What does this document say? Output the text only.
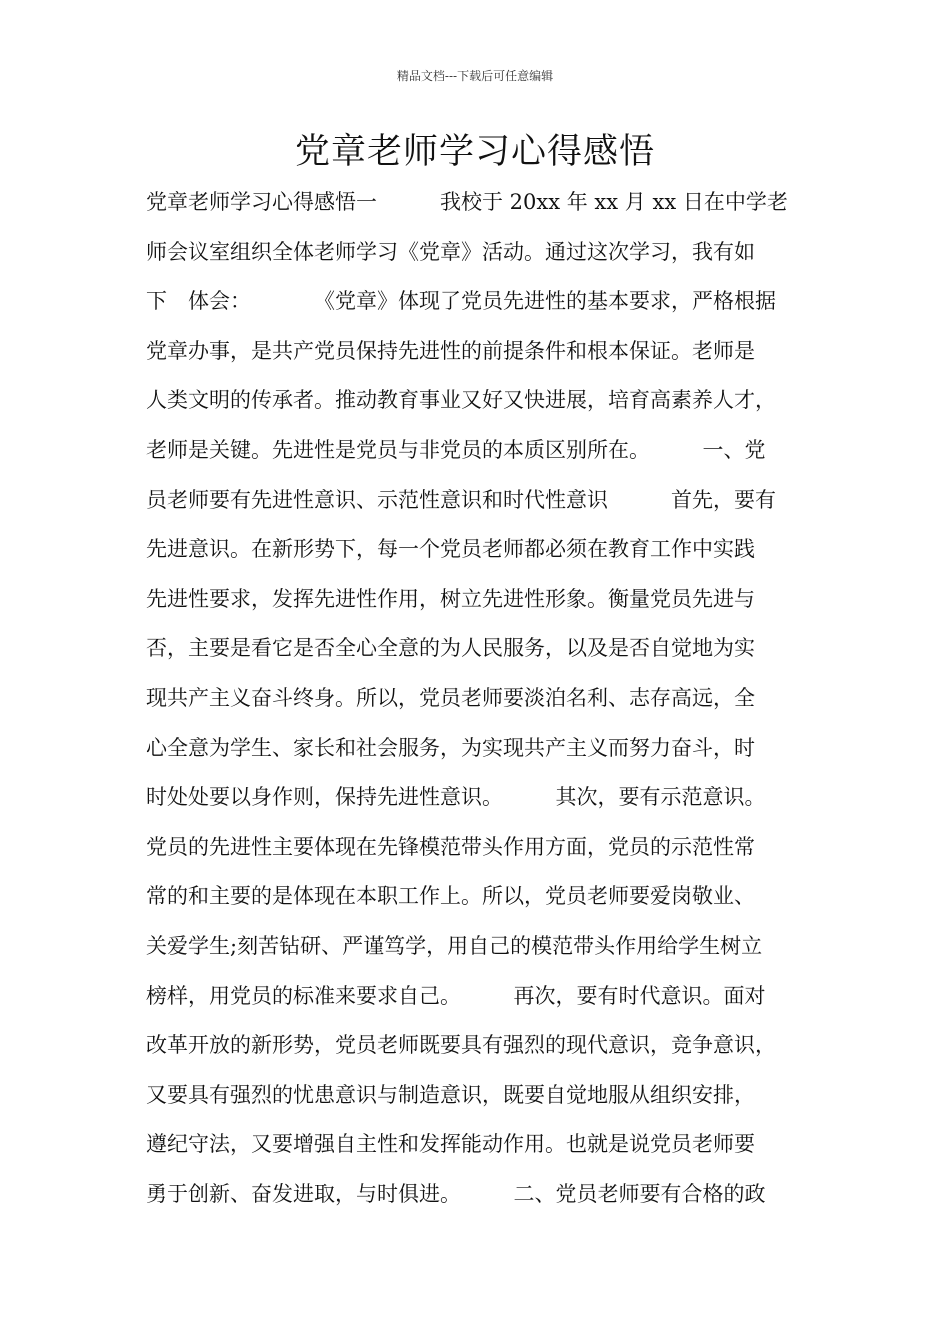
精品文档---下载后可任意编辑
党章老师学习心得感悟
党章老师学习心得感悟一　　　我校于 20xx 年 xx 月 xx 日在中学老
师会议室组织全体老师学习《党章》活动。通过这次学习，我有如
下　体会：　　　　《党章》体现了党员先进性的基本要求，严格根据
党章办事，是共产党员保持先进性的前提条件和根本保证。老师是
人类文明的传承者。推动教育事业又好又快进展，培育高素养人才，
老师是关键。先进性是党员与非党员的本质区别所在。　　　一、党
员老师要有先进性意识、示范性意识和时代性意识　　　首先，要有
先进意识。在新形势下，每一个党员老师都必须在教育工作中实践
先进性要求，发挥先进性作用，树立先进性形象。衡量党员先进与
否，主要是看它是否全心全意的为人民服务，以及是否自觉地为实
现共产主义奋斗终身。所以，党员老师要淡泊名利、志存高远，全
心全意为学生、家长和社会服务，为实现共产主义而努力奋斗，时
时处处要以身作则，保持先进性意识。　　　其次，要有示范意识。
党员的先进性主要体现在先锋模范带头作用方面，党员的示范性常
常的和主要的是体现在本职工作上。所以，党员老师要爱岗敬业、
关爱学生;刻苦钻研、严谨笃学，用自己的模范带头作用给学生树立
榜样，用党员的标准来要求自己。　　　再次，要有时代意识。面对
改革开放的新形势，党员老师既要具有强烈的现代意识，竞争意识，
又要具有强烈的忧患意识与制造意识，既要自觉地服从组织安排，
遵纪守法，又要增强自主性和发挥能动作用。也就是说党员老师要
勇于创新、奋发进取，与时俱进。　　　二、党员老师要有合格的政
